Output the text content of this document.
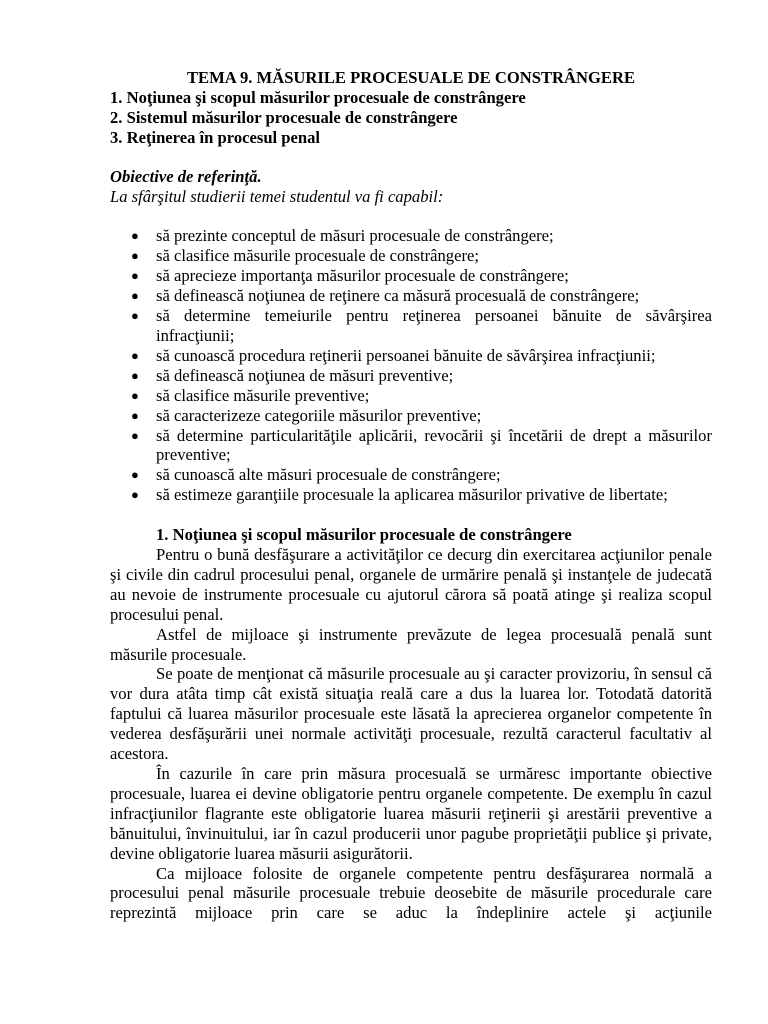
TEMA 9. MĂSURILE PROCESUALE DE CONSTRÂNGERE

1. Noţiunea şi scopul măsurilor procesuale de constrângere

2. Sistemul măsurilor procesuale de constrângere

3. Reţinerea în procesul penal

Obiective de referinţă.
La sfârşitul studierii temei studentul va fi capabil:
● să prezinte conceptul de măsuri procesuale de constrângere;
● să clasifice măsurile procesuale de constrângere;
● să aprecieze importanţa măsurilor procesuale de constrângere;
● să definească noţiunea de reţinere ca măsură procesuală de constrângere;
● să determine temeiurile pentru reţinerea persoanei bănuite de săvârşirea infracţiunii;
● să cunoască procedura reţinerii persoanei bănuite de săvârşirea infracţiunii;
● să definească noţiunea de măsuri preventive;
● să clasifice măsurile preventive;
● să caracterizeze categoriile măsurilor preventive;
● să determine particularităţile aplicării, revocării şi încetării de drept a măsurilor preventive;
● să cunoască alte măsuri procesuale de constrângere;
● să estimeze garanţiile procesuale la aplicarea măsurilor privative de libertate;

1. Noţiunea şi scopul măsurilor procesuale de constrângere

Pentru o bună desfăşurare a activităţilor ce decurg din exercitarea acţiunilor penale şi civile din cadrul procesului penal, organele de urmărire penală şi instanţele de judecată au nevoie de instrumente procesuale cu ajutorul cărora să poată atinge şi realiza scopul procesului penal.

Astfel de mijloace şi instrumente prevăzute de legea procesuală penală sunt măsurile procesuale.

Se poate de menţionat că măsurile procesuale au şi caracter provizoriu, în sensul că vor dura atâta timp cât există situaţia reală care a dus la luarea lor. Totodată datorită faptului că luarea măsurilor procesuale este lăsată la aprecierea organelor competente în vederea desfăşurării unei normale activităţi procesuale, rezultă caracterul facultativ al acestora.

În cazurile în care prin măsura procesuală se urmăresc importante obiective procesuale, luarea ei devine obligatorie pentru organele competente. De exemplu în cazul infracţiunilor flagrante este obligatorie luarea măsurii reţinerii şi arestării preventive a bănuitului, învinuitului, iar în cazul producerii unor pagube proprietăţii publice şi private, devine obligatorie luarea măsurii asigurătorii.

Ca mijloace folosite de organele competente pentru desfăşurarea normală a procesului penal măsurile procesuale trebuie deosebite de măsurile procedurale care reprezintă mijloace prin care se aduc la îndeplinire actele şi acţiunile
